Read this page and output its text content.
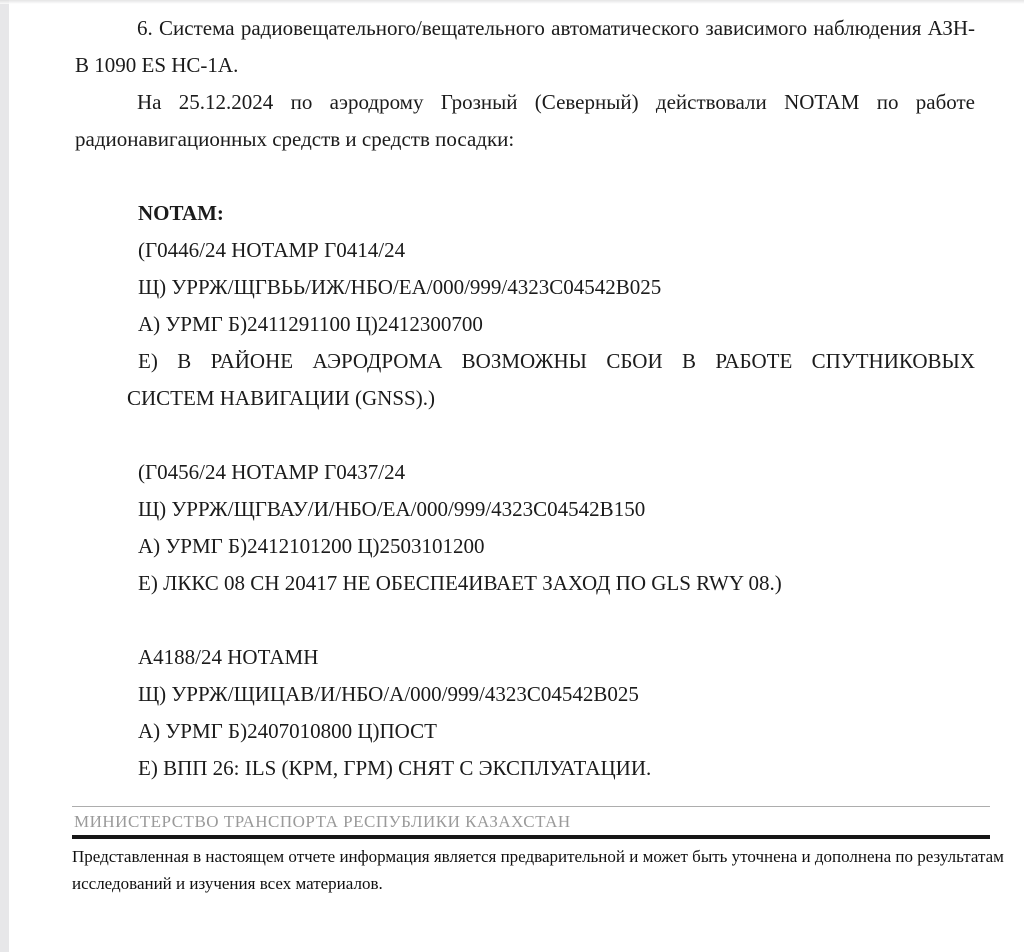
6. Система радиовещательного/вещательного автоматического зависимого наблюдения АЗН-В 1090 ES НС-1А.

На 25.12.2024 по аэродрому Грозный (Северный) действовали NOTAM по работе радионавигационных средств и средств посадки:

NOTAM:
(Г0446/24 НОТАМР Г0414/24
Щ) УРРЖ/ЩГВЬЬ/ИЖ/НБО/ЕА/000/999/4323С04542В025
А) УРМГ Б)2411291100 Ц)2412300700
Е) В РАЙОНЕ АЭРОДРОМА ВОЗМОЖНЫ СБОИ В РАБОТЕ СПУТНИКОВЫХ
СИСТЕМ НАВИГАЦИИ (GNSS).)
(Г0456/24 НОТАМР Г0437/24
Щ) УРРЖ/ЩГВАУ/И/НБО/ЕА/000/999/4323С04542В150
А) УРМГ Б)2412101200 Ц)2503101200
Е) ЛККС 08 СН 20417 НЕ ОБЕСПЕ4ИВАЕТ ЗАХОД ПО GLS RWY 08.)
А4188/24 НОТАМН
Щ) УРРЖ/ЩИЦАВ/И/НБО/А/000/999/4323С04542В025
А) УРМГ Б)2407010800 Ц)ПОСТ
Е) ВПП 26: ILS (КРМ, ГРМ) СНЯТ С ЭКСПЛУАТАЦИИ.
МИНИСТЕРСТВО ТРАНСПОРТА РЕСПУБЛИКИ КАЗАХСТАН
Представленная в настоящем отчете информация является предварительной и может быть уточнена и дополнена по результатам исследований и изучения всех материалов.
